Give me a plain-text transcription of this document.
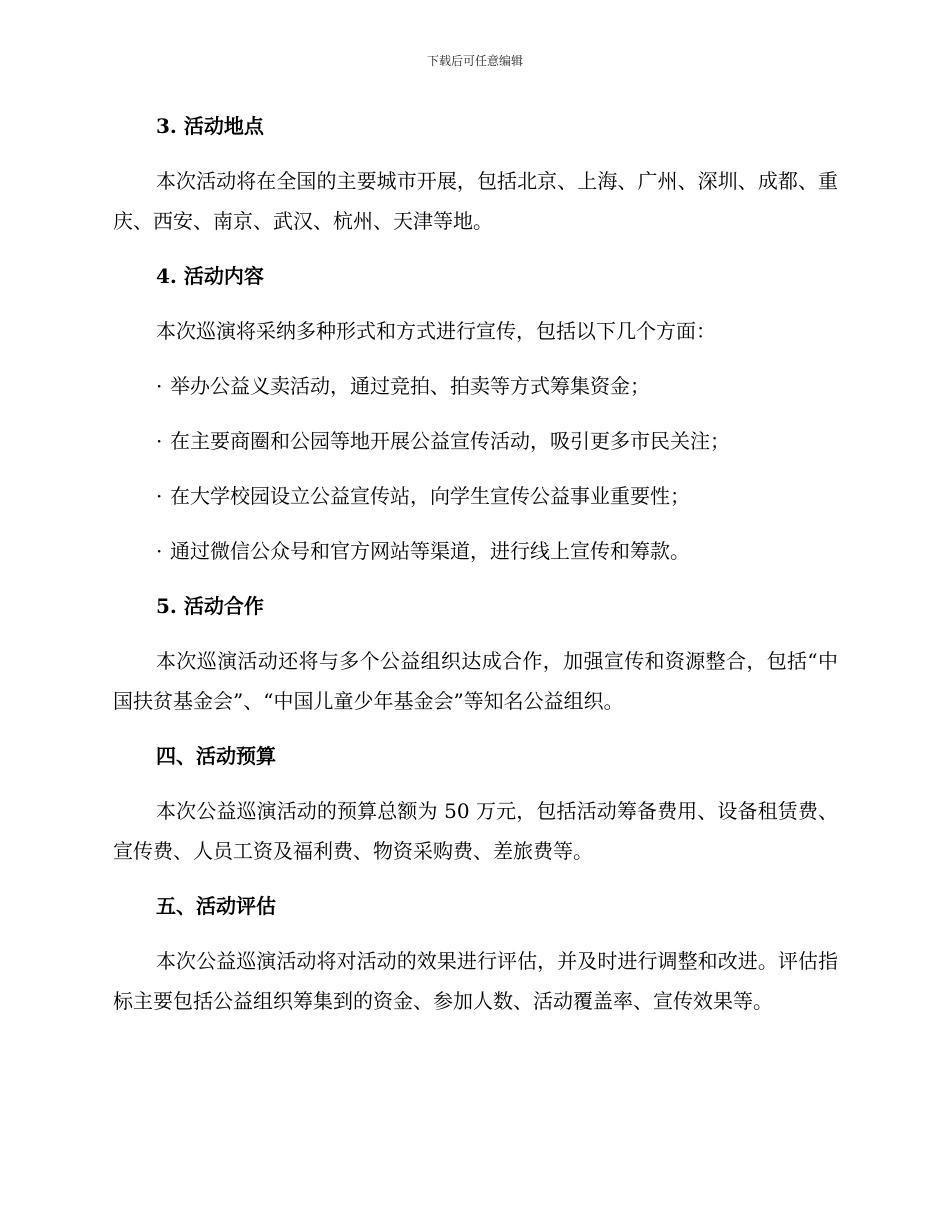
下载后可任意编辑
3. 活动地点
本次活动将在全国的主要城市开展，包括北京、上海、广州、深圳、成都、重庆、西安、南京、武汉、杭州、天津等地。
4. 活动内容
本次巡演将采纳多种形式和方式进行宣传，包括以下几个方面：
· 举办公益义卖活动，通过竞拍、拍卖等方式筹集资金；
· 在主要商圈和公园等地开展公益宣传活动，吸引更多市民关注；
· 在大学校园设立公益宣传站，向学生宣传公益事业重要性；
· 通过微信公众号和官方网站等渠道，进行线上宣传和筹款。
5. 活动合作
本次巡演活动还将与多个公益组织达成合作，加强宣传和资源整合，包括“中国扶贫基金会”、“中国儿童少年基金会”等知名公益组织。
四、活动预算
本次公益巡演活动的预算总额为 50 万元，包括活动筹备费用、设备租赁费、宣传费、人员工资及福利费、物资采购费、差旅费等。
五、活动评估
本次公益巡演活动将对活动的效果进行评估，并及时进行调整和改进。评估指标主要包括公益组织筹集到的资金、参加人数、活动覆盖率、宣传效果等。
